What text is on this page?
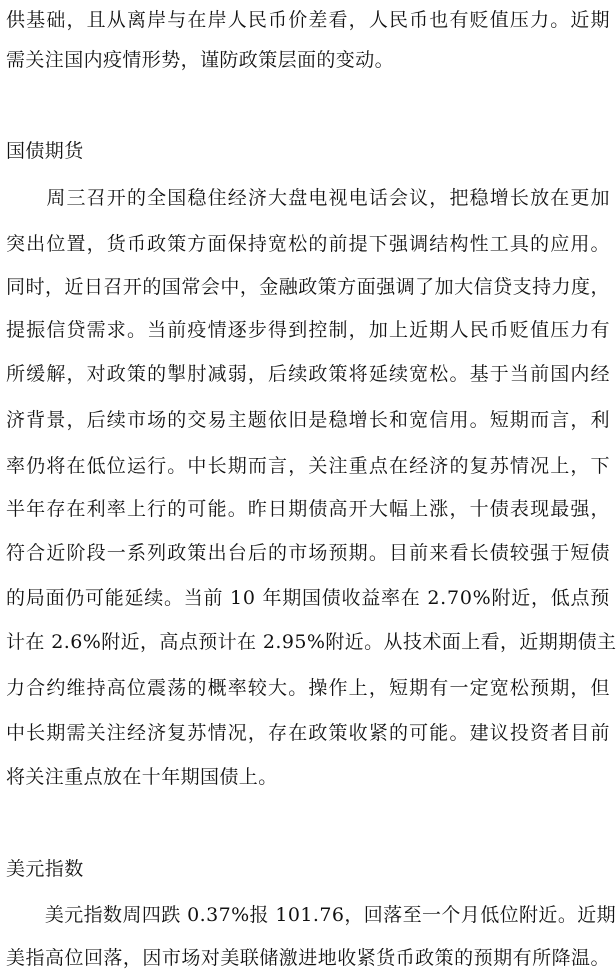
供 基 础 ， 且 从 离 岸 与 在 岸 人 民 币 价 差 看 ， 人 民 币 也 有 贬 值 压 力 。 近 期
需关注国内疫情形势，谨防政策层面的变动。
国债期货

周 三 召 开 的 全 国 稳 住 经 济 大 盘 电 视 电 话 会 议 ， 把 稳 增 长 放 在 更 加
突 出 位 置 ， 货 币 政 策 方 面 保 持 宽 松 的 前 提 下 强 调 结 构 性 工 具 的 应 用 。
同 时 ， 近 日 召 开 的 国 常 会 中 ， 金 融 政 策 方 面 强 调 了 加 大 信 贷 支 持 力 度 ，
提 振 信 贷 需 求 。 当 前 疫 情 逐 步 得 到 控 制 ， 加 上 近 期 人 民 币 贬 值 压 力 有
所 缓 解 ， 对 政 策 的 掣 肘 减 弱 ， 后 续 政 策 将 延 续 宽 松 。 基 于 当 前 国 内 经
济 背 景 ， 后 续 市 场 的 交 易 主 题 依 旧 是 稳 增 长 和 宽 信 用 。 短 期 而 言 ， 利
率 仍 将 在 低 位 运 行 。 中 长 期 而 言 ， 关 注 重 点 在 经 济 的 复 苏 情 况 上 ， 下
半 年 存 在 利 率 上 行 的 可 能 。 昨 日 期 债 高 开 大 幅 上 涨 ， 十 债 表 现 最 强 ，
符 合 近 阶 段 一 系 列 政 策 出 台 后 的 市 场 预 期 。 目 前 来 看 长 债 较 强 于 短 债
的 局 面 仍 可 能 延 续 。 当 前
1 0
年 期 国 债 收 益 率 在
2 . 7 0 % 附 近 ， 低 点 预
计 在
2 . 6 % 附 近 ， 高 点 预 计 在
2 . 9 5 % 附 近 。 从 技 术 面 上 看 ， 近 期 期 债 主
力 合 约 维 持 高 位 震 荡 的 概 率 较 大 。 操 作 上 ， 短 期 有 一 定 宽 松 预 期 ， 但
中 长 期 需 关 注 经 济 复 苏 情 况 ， 存 在 政 策 收 紧 的 可 能 。 建 议 投 资 者 目 前
将关注重点放在十年期国债上。
美元指数

美 元 指 数 周 四 跌
0 . 3 7 % 报
1 0 1 . 7 6 ， 回 落 至 一 个 月 低 位 附 近 。 近 期
美 指 高 位 回 落 ， 因 市 场 对 美 联 储 激 进 地 收 紧 货 币 政 策 的 预 期 有 所 降 温 。
